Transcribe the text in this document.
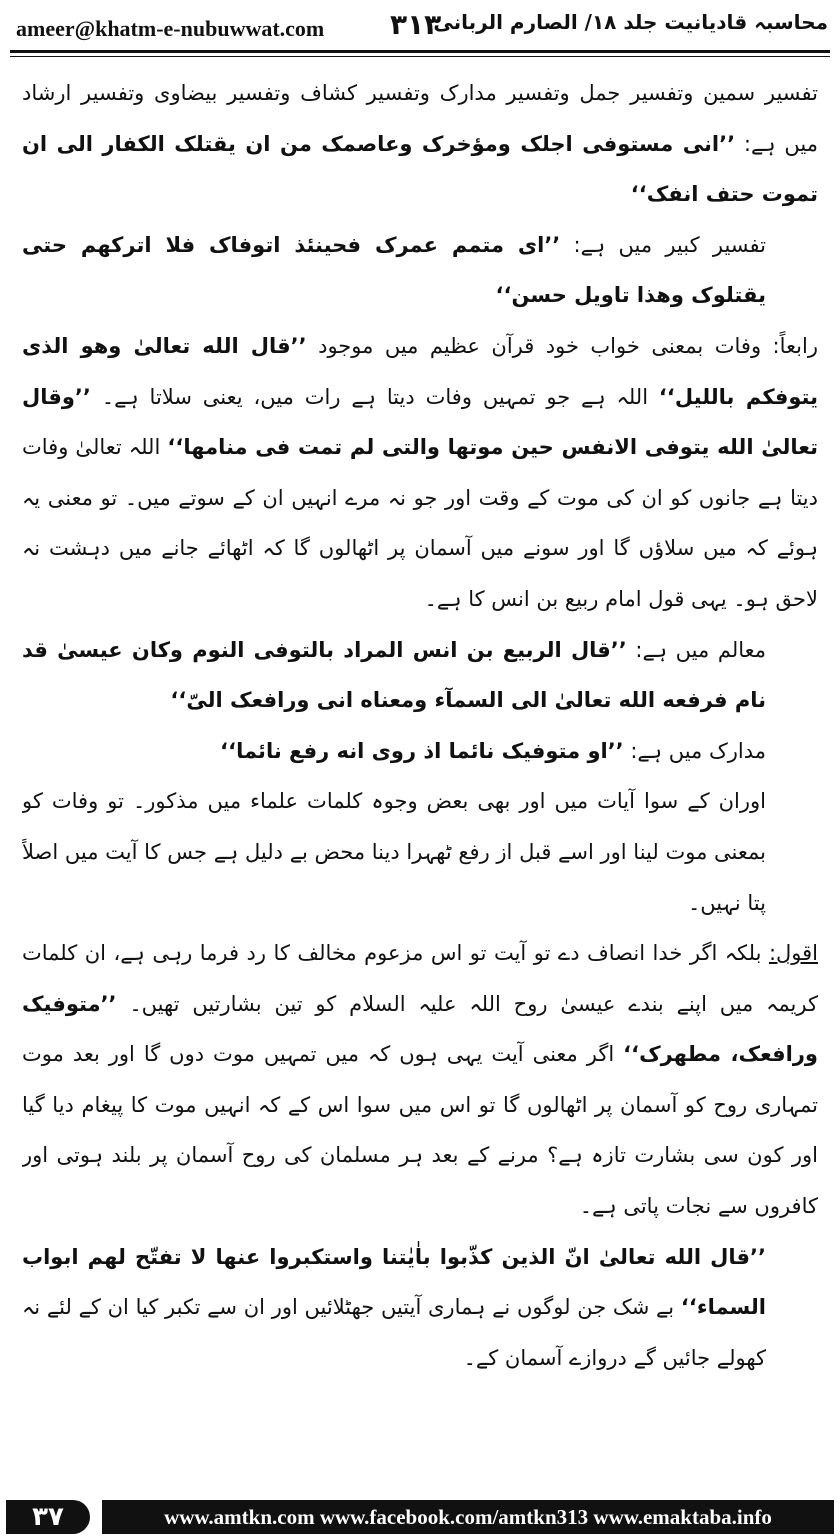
ameer@khatm-e-nubuwwat.com ۳۱۳
محاسبہ قادیانیت جلد ۱۸/ الصارم الربانی

تفسیر سمین وتفسیر جمل وتفسیر مدارک وتفسیر کشاف وتفسیر بیضاوی وتفسیر ارشاد میں ہے: ’’انی مستوفی اجلک ومؤخرک وعاصمک من ان یقتلک الکفار الی ان تموت حتف انفک‘‘

تفسیر کبیر میں ہے: ’’ای متمم عمرک فحینئذ اتوفاک فلا اترکھم حتی یقتلوک وھذا تاویل حسن‘‘

رابعاً: وفات بمعنی خواب خود قرآن عظیم میں موجود ’’قال الله تعالیٰ وھو الذی یتوفکم باللیل‘‘ اللہ ہے جو تمہیں وفات دیتا ہے رات میں، یعنی سلاتا ہے۔ ’’وقال تعالیٰ الله یتوفی الانفس حین موتھا والتی لم تمت فی منامھا‘‘ اللہ تعالیٰ وفات دیتا ہے جانوں کو ان کی موت کے وقت اور جو نہ مرے انہیں ان کے سوتے میں۔ تو معنی یہ ہوئے کہ میں سلاؤں گا اور سونے میں آسمان پر اٹھالوں گا کہ اٹھائے جانے میں دہشت نہ لاحق ہو۔ یہی قول امام ربیع بن انس کا ہے۔

معالم میں ہے: ’’قال الربیع بن انس المراد بالتوفی النوم وکان عیسیٰ قد نام فرفعه الله تعالیٰ الی السمآء ومعناه انی ورافعک الیّ‘‘

مدارک میں ہے: ’’او متوفیک نائما اذ روی انه رفع نائما‘‘

اوران کے سوا آیات میں اور بھی بعض وجوہ کلمات علماء میں مذکور۔ تو وفات کو بمعنی موت لینا اور اسے قبل از رفع ٹھہرا دینا محض بے دلیل ہے جس کا آیت میں اصلاً پتا نہیں۔

اقول: بلکہ اگر خدا انصاف دے تو آیت تو اس مزعوم مخالف کا رد فرما رہی ہے، ان کلمات کریمہ میں اپنے بندے عیسیٰ روح اللہ علیہ السلام کو تین بشارتیں تھیں۔ ’’متوفیک ورافعک، مطھرک‘‘ اگر معنی آیت یہی ہوں کہ میں تمہیں موت دوں گا اور بعد موت تمہاری روح کو آسمان پر اٹھالوں گا تو اس میں سوا اس کے کہ انہیں موت کا پیغام دیا گیا اور کون سی بشارت تازہ ہے؟ مرنے کے بعد ہر مسلمان کی روح آسمان پر بلند ہوتی اور کافروں سے نجات پاتی ہے۔

’’قال الله تعالیٰ انّ الذین کذّبوا باٰیٰتنا واستکبروا عنھا لا تفتّح لھم ابواب السماء‘‘ بے شک جن لوگوں نے ہماری آیتیں جھٹلائیں اور ان سے تکبر کیا ان کے لئے نہ کھولے جائیں گے دروازے آسمان کے۔

۳۷	www.amtkn.com www.facebook.com/amtkn313 www.emaktaba.info
